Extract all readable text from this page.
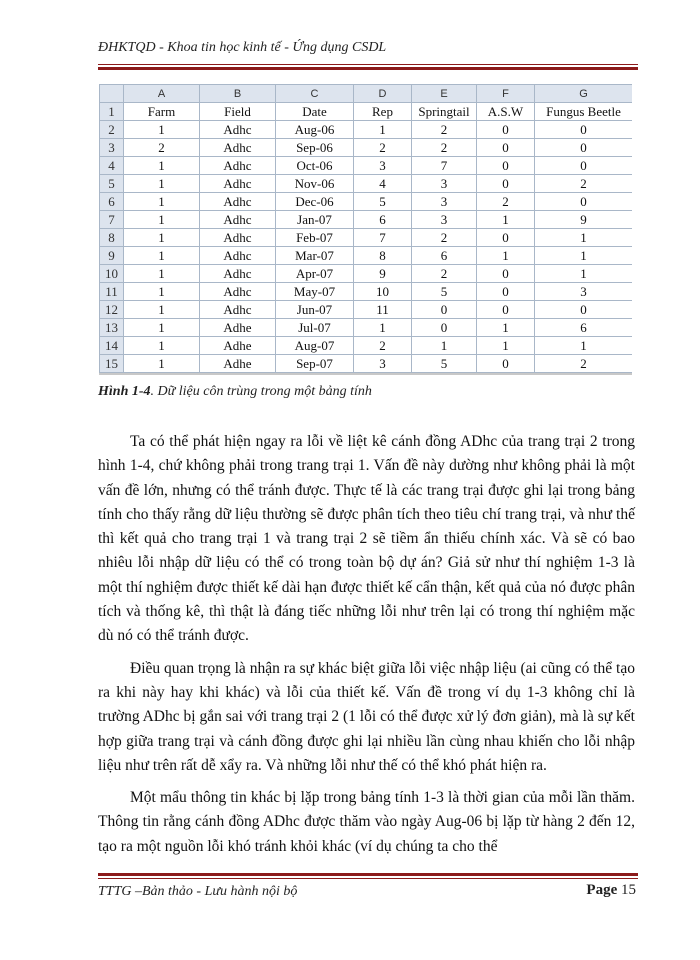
ĐHKTQD - Khoa tin học kinh tế - Ứng dụng CSDL
	A	B	C	D	E	F	G
1	Farm	Field	Date	Rep	Springtail	A.S.W	Fungus Beetle
2	1	Adhc	Aug-06	1	2	0	0
3	2	Adhc	Sep-06	2	2	0	0
4	1	Adhc	Oct-06	3	7	0	0
5	1	Adhc	Nov-06	4	3	0	2
6	1	Adhc	Dec-06	5	3	2	0
7	1	Adhc	Jan-07	6	3	1	9
8	1	Adhc	Feb-07	7	2	0	1
9	1	Adhc	Mar-07	8	6	1	1
10	1	Adhc	Apr-07	9	2	0	1
11	1	Adhc	May-07	10	5	0	3
12	1	Adhc	Jun-07	11	0	0	0
13	1	Adhe	Jul-07	1	0	1	6
14	1	Adhe	Aug-07	2	1	1	1
15	1	Adhe	Sep-07	3	5	0	2
Hình 1-4. Dữ liệu côn trùng trong một bảng tính

Ta có thể phát hiện ngay ra lỗi về liệt kê cánh đồng ADhc của trang trại 2 trong hình 1-4, chứ không phải trong trang trại 1. Vấn đề này dường như không phải là một vấn đề lớn, nhưng có thể tránh được. Thực tế là các trang trại được ghi lại trong bảng tính cho thấy rằng dữ liệu thường sẽ được phân tích theo tiêu chí trang trại, và như thế thì kết quả cho trang trại 1 và trang trại 2 sẽ tiềm ẩn thiếu chính xác. Và sẽ có bao nhiêu lỗi nhập dữ liệu có thể có trong toàn bộ dự án? Giả sử như thí nghiệm 1-3 là một thí nghiệm được thiết kế dài hạn được thiết kế cẩn thận, kết quả của nó được phân tích và thống kê, thì thật là đáng tiếc những lỗi như trên lại có trong thí nghiệm mặc dù nó có thể tránh được.

Điều quan trọng là nhận ra sự khác biệt giữa lỗi việc nhập liệu (ai cũng có thể tạo ra khi này hay khi khác) và lỗi của thiết kế. Vấn đề trong ví dụ 1-3 không chỉ là trường ADhc bị gắn sai với trang trại 2 (1 lỗi có thể được xử lý đơn giản), mà là sự kết hợp giữa trang trại và cánh đồng được ghi lại nhiều lần cùng nhau khiến cho lỗi nhập liệu như trên rất dễ xẩy ra. Và những lỗi như thế có thể khó phát hiện ra.

Một mẩu thông tin khác bị lặp trong bảng tính 1-3 là thời gian của mỗi lần thăm. Thông tin rằng cánh đồng ADhc được thăm vào ngày Aug-06 bị lặp từ hàng 2 đến 12, tạo ra một nguồn lỗi khó tránh khỏi khác (ví dụ chúng ta cho thể

TTTG –Bản thảo - Lưu hành nội bộ	Page 15
